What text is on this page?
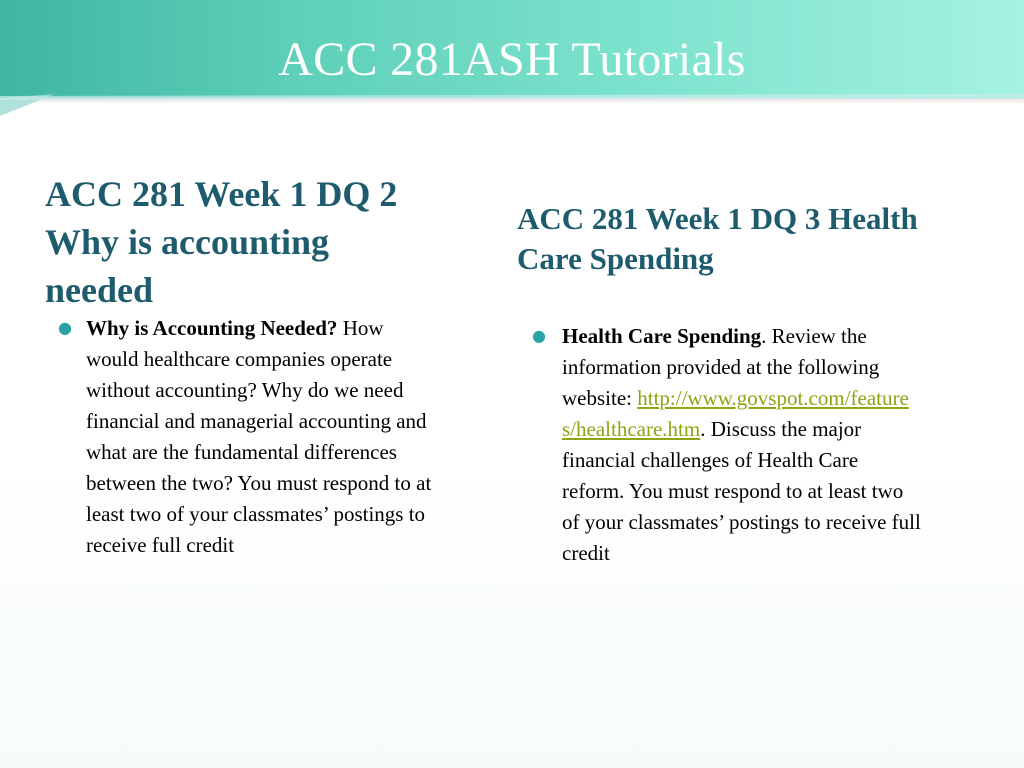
ACC 281ASH Tutorials
ACC 281 Week 1 DQ 2 Why is accounting needed
ACC 281 Week 1 DQ 3 Health Care Spending
● Why is Accounting Needed? How would healthcare companies operate without accounting? Why do we need financial and managerial accounting and what are the fundamental differences between the two? You must respond to at least two of your classmates’ postings to receive full credit
● Health Care Spending. Review the information provided at the following website: http://www.govspot.com/features/healthcare.htm. Discuss the major financial challenges of Health Care reform. You must respond to at least two of your classmates’ postings to receive full credit
